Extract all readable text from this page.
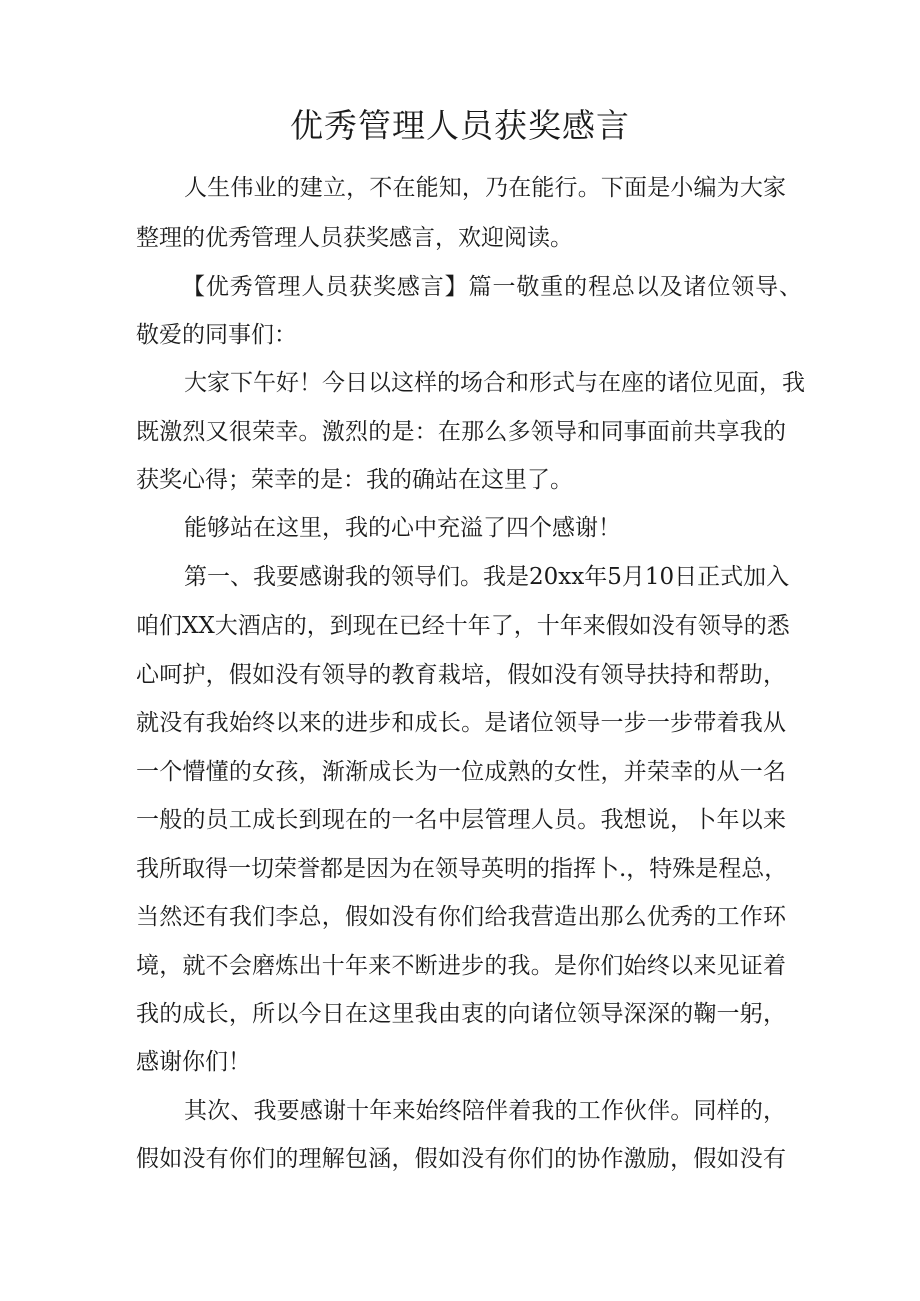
优秀管理人员获奖感言
人生伟业的建立，不在能知，乃在能行。下面是小编为大家
整理的优秀管理人员获奖感言，欢迎阅读。
【优秀管理人员获奖感言】篇一敬重的程总以及诸位领导、
敬爱的同事们：
大家下午好！今日以这样的场合和形式与在座的诸位见面，我
既激烈又很荣幸。激烈的是：在那么多领导和同事面前共享我的
获奖心得；荣幸的是：我的确站在这里了。
能够站在这里，我的心中充溢了四个感谢！
第一、我要感谢我的领导们。我是20xx年5月10日正式加入
咱们XX大酒店的，到现在已经十年了，十年来假如没有领导的悉
心呵护，假如没有领导的教育栽培，假如没有领导扶持和帮助，
就没有我始终以来的进步和成长。是诸位领导一步一步带着我从
一个懵懂的女孩，渐渐成长为一位成熟的女性，并荣幸的从一名
一般的员工成长到现在的一名中层管理人员。我想说，卜年以来
我所取得一切荣誉都是因为在领导英明的指挥卜.，特殊是程总，
当然还有我们李总，假如没有你们给我营造出那么优秀的工作环
境，就不会磨炼出十年来不断进步的我。是你们始终以来见证着
我的成长，所以今日在这里我由衷的向诸位领导深深的鞠一躬，
感谢你们！
其次、我要感谢十年来始终陪伴着我的工作伙伴。同样的，
假如没有你们的理解包涵，假如没有你们的协作激励，假如没有
